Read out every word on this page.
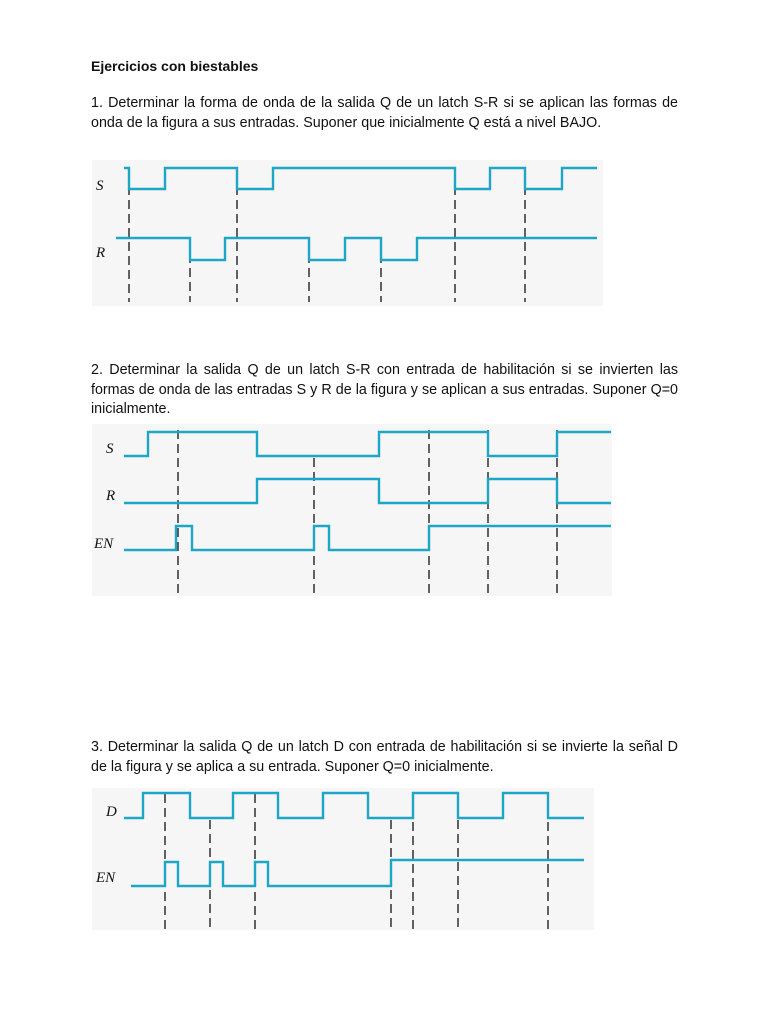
Ejercicios con biestables
1. Determinar la forma de onda de la salida Q de un latch S-R si se aplican las formas de onda de la figura a sus entradas. Suponer que inicialmente Q está a nivel BAJO.
2. Determinar la salida Q de un latch S-R con entrada de habilitación si se invierten las formas de onda de las entradas S y R de la figura y se aplican a sus entradas. Suponer Q=0 inicialmente.
3. Determinar la salida Q de un latch D con entrada de habilitación si se invierte la señal D de la figura y se aplica a su entrada. Suponer Q=0 inicialmente.
S
R
S
R
EN
D
EN
